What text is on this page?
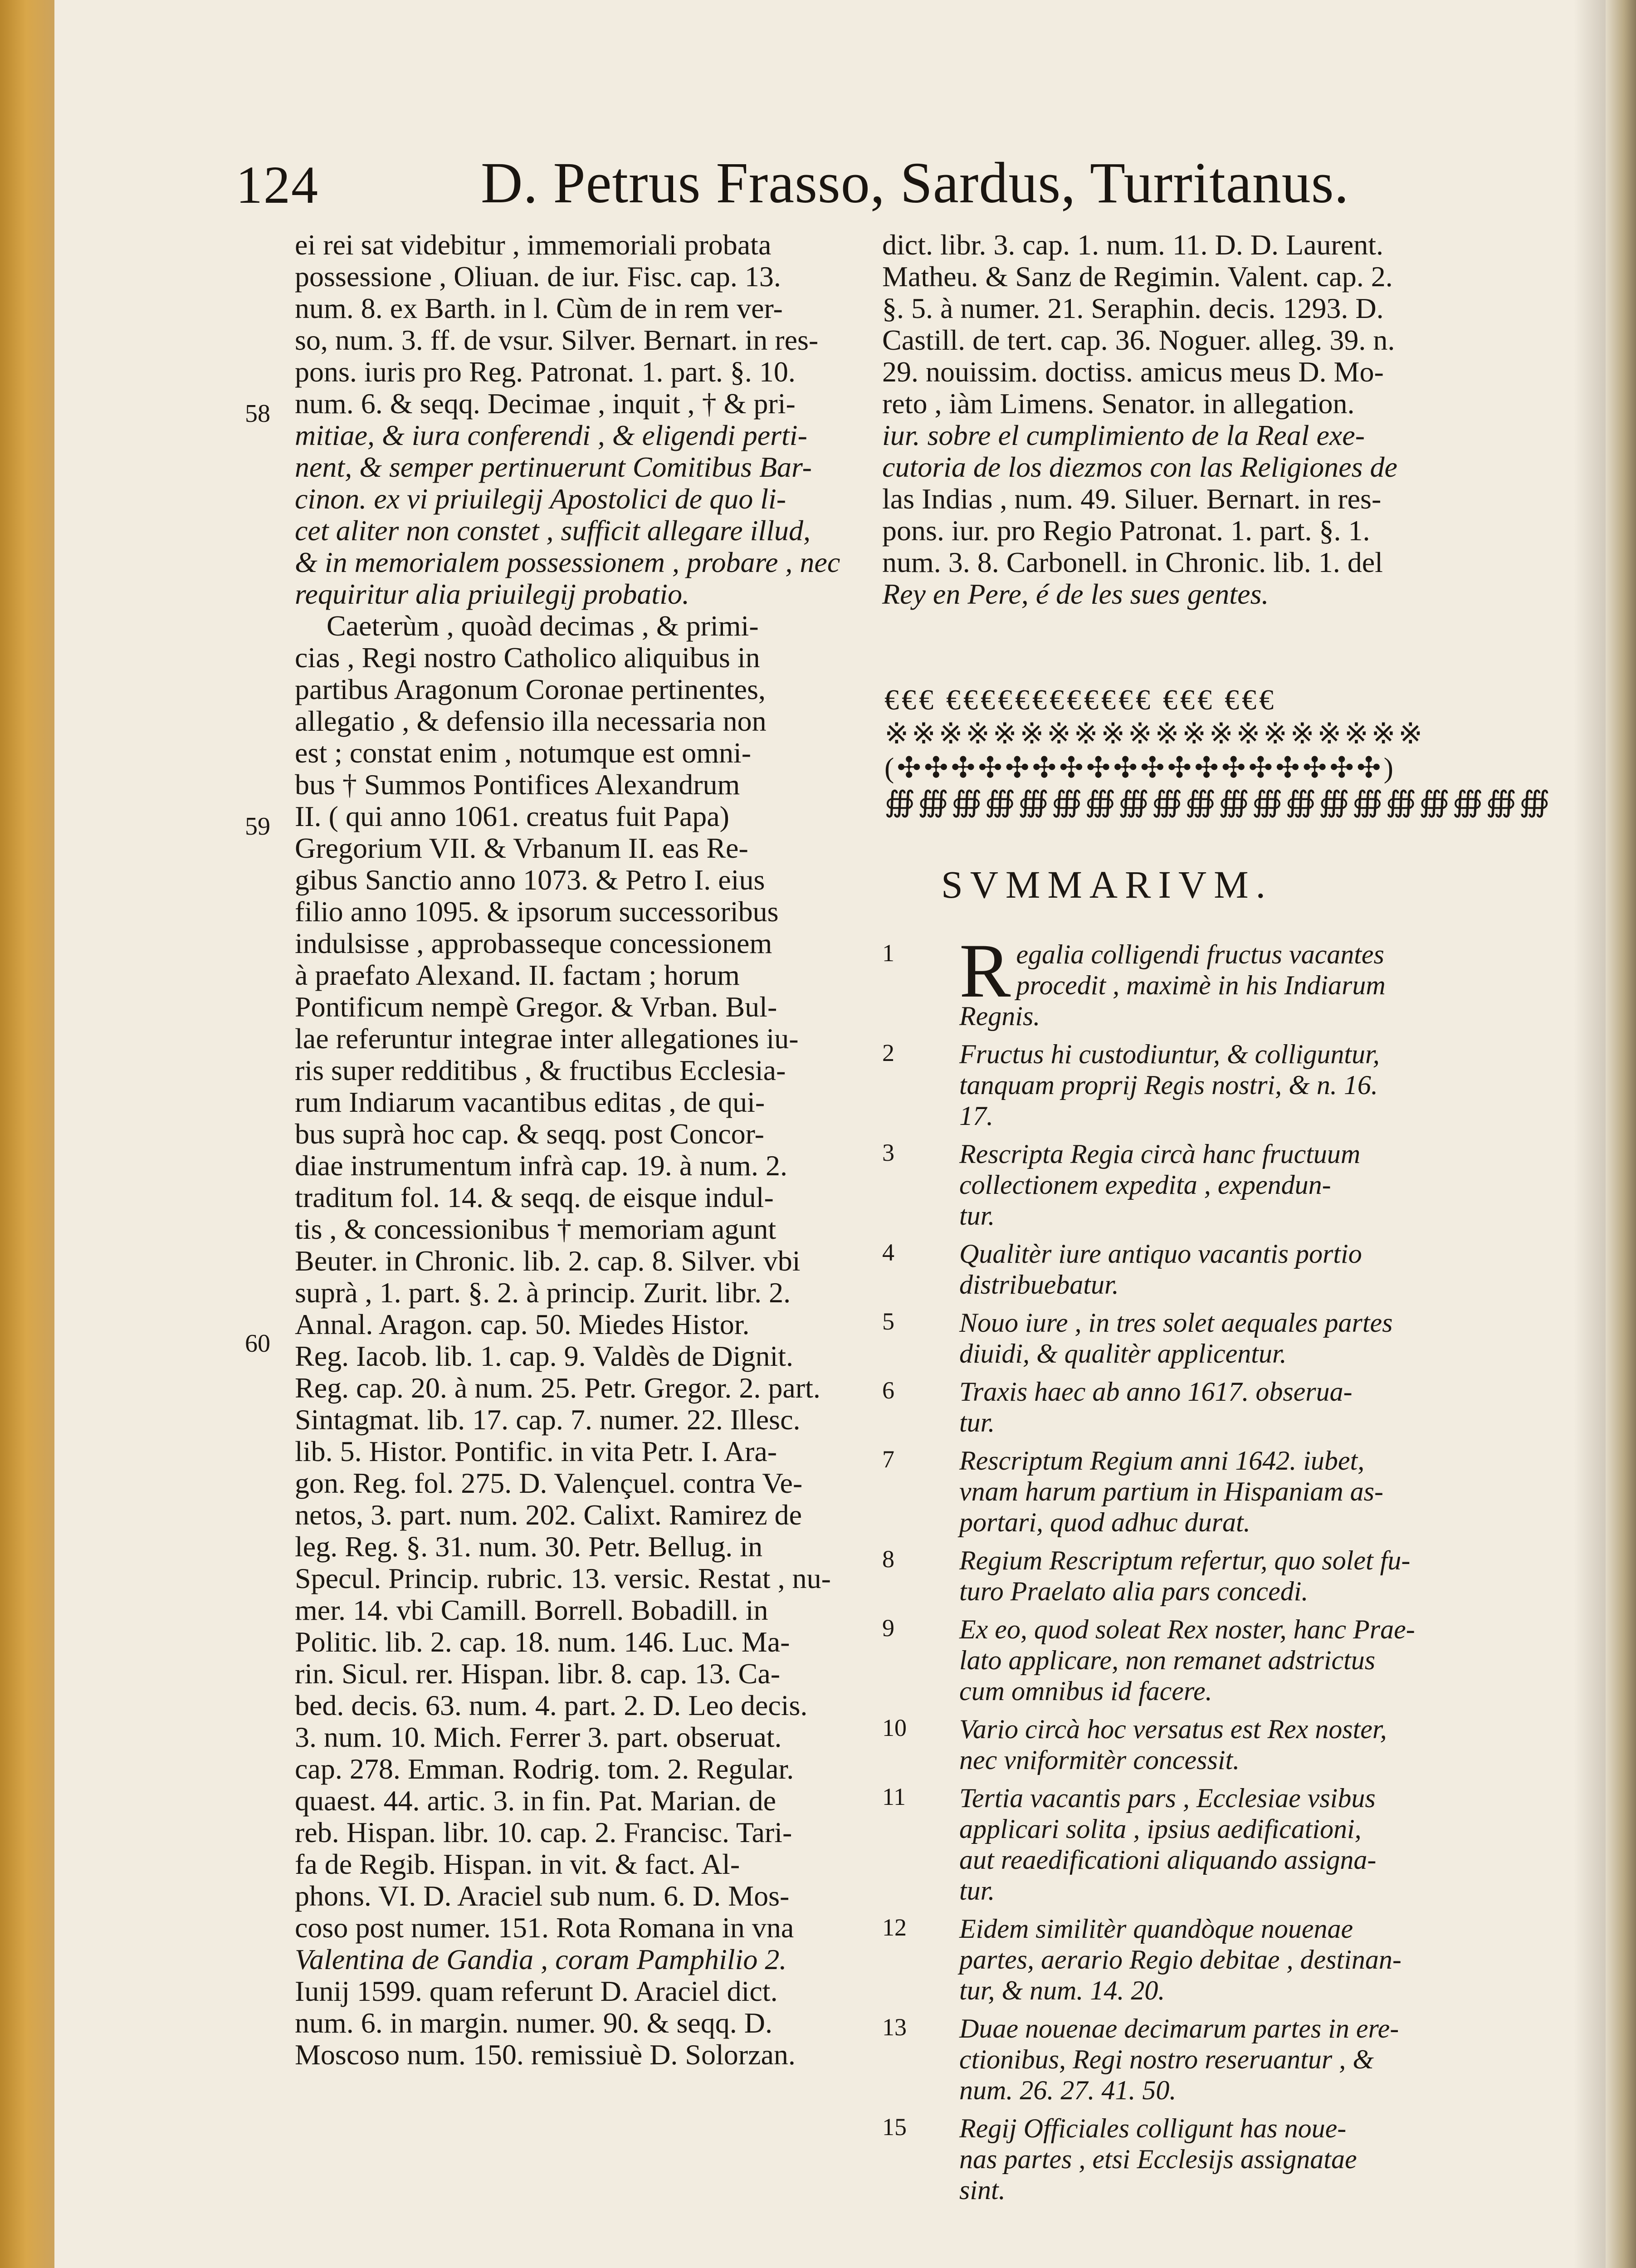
124	D. Petrus Frasso, Sardus, Turritanus.
58
59
60
ei rei sat videbitur , immemoriali probata
possessione , Oliuan. de iur. Fisc. cap. 13.
num. 8. ex Barth. in l. Cùm de in rem ver-
so, num. 3. ff. de vsur. Silver. Bernart. in res-
pons. iuris pro Reg. Patronat. 1. part. §. 10.
num. 6. & seqq. Decimae , inquit , † & pri-
mitiae, & iura conferendi , & eligendi perti-
nent, & semper pertinuerunt Comitibus Bar-
cinon. ex vi priuilegij Apostolici de quo li-
cet aliter non constet , sufficit allegare illud,
& in memorialem possessionem , probare , nec
requiritur alia priuilegij probatio.
Caeterùm , quoàd decimas , & primi-
cias , Regi nostro Catholico aliquibus in
partibus Aragonum Coronae pertinentes,
allegatio , & defensio illa necessaria non
est ; constat enim , notumque est omni-
bus † Summos Pontifices Alexandrum
II. ( qui anno 1061. creatus fuit Papa)
Gregorium VII. & Vrbanum II. eas Re-
gibus Sanctio anno 1073. & Petro I. eius
filio anno 1095. & ipsorum successoribus
indulsisse , approbasseque concessionem
à praefato Alexand. II. factam ; horum
Pontificum nempè Gregor. & Vrban. Bul-
lae referuntur integrae inter allegationes iu-
ris super redditibus , & fructibus Ecclesia-
rum Indiarum vacantibus editas , de qui-
bus suprà hoc cap. & seqq. post Concor-
diae instrumentum infrà cap. 19. à num. 2.
traditum fol. 14. & seqq. de eisque indul-
tis , & concessionibus † memoriam agunt
Beuter. in Chronic. lib. 2. cap. 8. Silver. vbi
suprà , 1. part. §. 2. à princip. Zurit. libr. 2.
Annal. Aragon. cap. 50. Miedes Histor.
Reg. Iacob. lib. 1. cap. 9. Valdès de Dignit.
Reg. cap. 20. à num. 25. Petr. Gregor. 2. part.
Sintagmat. lib. 17. cap. 7. numer. 22. Illesc.
lib. 5. Histor. Pontific. in vita Petr. I. Ara-
gon. Reg. fol. 275. D. Valençuel. contra Ve-
netos, 3. part. num. 202. Calixt. Ramirez de
leg. Reg. §. 31. num. 30. Petr. Bellug. in
Specul. Princip. rubric. 13. versic. Restat , nu-
mer. 14. vbi Camill. Borrell. Bobadill. in
Politic. lib. 2. cap. 18. num. 146. Luc. Ma-
rin. Sicul. rer. Hispan. libr. 8. cap. 13. Ca-
bed. decis. 63. num. 4. part. 2. D. Leo decis.
3. num. 10. Mich. Ferrer 3. part. obseruat.
cap. 278. Emman. Rodrig. tom. 2. Regular.
quaest. 44. artic. 3. in fin. Pat. Marian. de
reb. Hispan. libr. 10. cap. 2. Francisc. Tari-
fa de Regib. Hispan. in vit. & fact. Al-
phons. VI. D. Araciel sub num. 6. D. Mos-
coso post numer. 151. Rota Romana in vna
Valentina de Gandia , coram Pamphilio 2.
Iunij 1599. quam referunt D. Araciel dict.
num. 6. in margin. numer. 90. & seqq. D.
Moscoso num. 150. remissiuè D. Solorzan.
dict. libr. 3. cap. 1. num. 11. D. D. Laurent.
Matheu. & Sanz de Regimin. Valent. cap. 2.
§. 5. à numer. 21. Seraphin. decis. 1293. D.
Castill. de tert. cap. 36. Noguer. alleg. 39. n.
29. nouissim. doctiss. amicus meus D. Mo-
reto , iàm Limens. Senator. in allegation.
iur. sobre el cumplimiento de la Real exe-
cutoria de los diezmos con las Religiones de
las Indias , num. 49. Siluer. Bernart. in res-
pons. iur. pro Regio Patronat. 1. part. §. 1.
num. 3. 8. Carbonell. in Chronic. lib. 1. del
Rey en Pere, é de les sues gentes.
€€€ €€€€€€€€€€€€ €€€ €€€
※※※※※※※※※※※※※※※※※※※※
(✣✣✣✣✣✣✣✣✣✣✣✣✣✣✣✣✣✣)
∰∰∰∰∰∰∰∰∰∰∰∰∰∰∰∰∰∰∰∰
SVMMARIVM.
1 R egalia colligendi fructus vacantes
procedit , maximè in his Indiarum
Regnis.
2	Fructus hi custodiuntur, & colliguntur,
tanquam proprij Regis nostri, & n. 16.
17.
3	Rescripta Regia circà hanc fructuum
collectionem expedita , expendun-
tur.
4	Qualitèr iure antiquo vacantis portio
distribuebatur.
5	Nouo iure , in tres solet aequales partes
diuidi, & qualitèr applicentur.
6	Traxis haec ab anno 1617. obserua-
tur.
7	Rescriptum Regium anni 1642. iubet,
vnam harum partium in Hispaniam as-
portari, quod adhuc durat.
8	Regium Rescriptum refertur, quo solet fu-
turo Praelato alia pars concedi.
9	Ex eo, quod soleat Rex noster, hanc Prae-
lato applicare, non remanet adstrictus
cum omnibus id facere.
10	Vario circà hoc versatus est Rex noster,
nec vniformitèr concessit.
11	Tertia vacantis pars , Ecclesiae vsibus
applicari solita , ipsius aedificationi,
aut reaedificationi aliquando assigna-
tur.
12	Eidem similitèr quandòque nouenae
partes, aerario Regio debitae , destinan-
tur, & num. 14. 20.
13	Duae nouenae decimarum partes in ere-
ctionibus, Regi nostro reseruantur , &
num. 26. 27. 41. 50.
15	Regij Officiales colligunt has noue-
nas partes , etsi Ecclesijs assignatae
sint.
